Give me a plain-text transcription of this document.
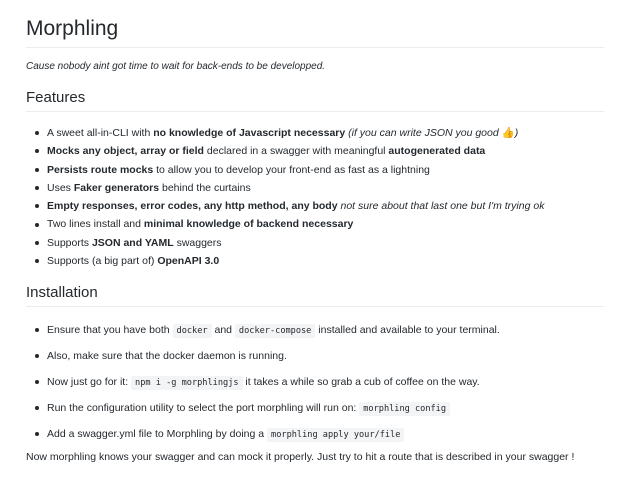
Morphling

Cause nobody aint got time to wait for back-ends to be developped.

Features
A sweet all-in-CLI with no knowledge of Javascript necessary (if you can write JSON you good 👍)
Mocks any object, array or field declared in a swagger with meaningful autogenerated data
Persists route mocks to allow you to develop your front-end as fast as a lightning
Uses Faker generators behind the curtains
Empty responses, error codes, any http method, any body not sure about that last one but I'm trying ok
Two lines install and minimal knowledge of backend necessary
Supports JSON and YAML swaggers
Supports (a big part of) OpenAPI 3.0
Installation
Ensure that you have both docker and docker-compose installed and available to your terminal.
Also, make sure that the docker daemon is running.
Now just go for it: npm i -g morphlingjs it takes a while so grab a cub of coffee on the way.
Run the configuration utility to select the port morphling will run on: morphling config
Add a swagger.yml file to Morphling by doing a morphling apply your/file

Now morphling knows your swagger and can mock it properly. Just try to hit a route that is described in your swagger !
